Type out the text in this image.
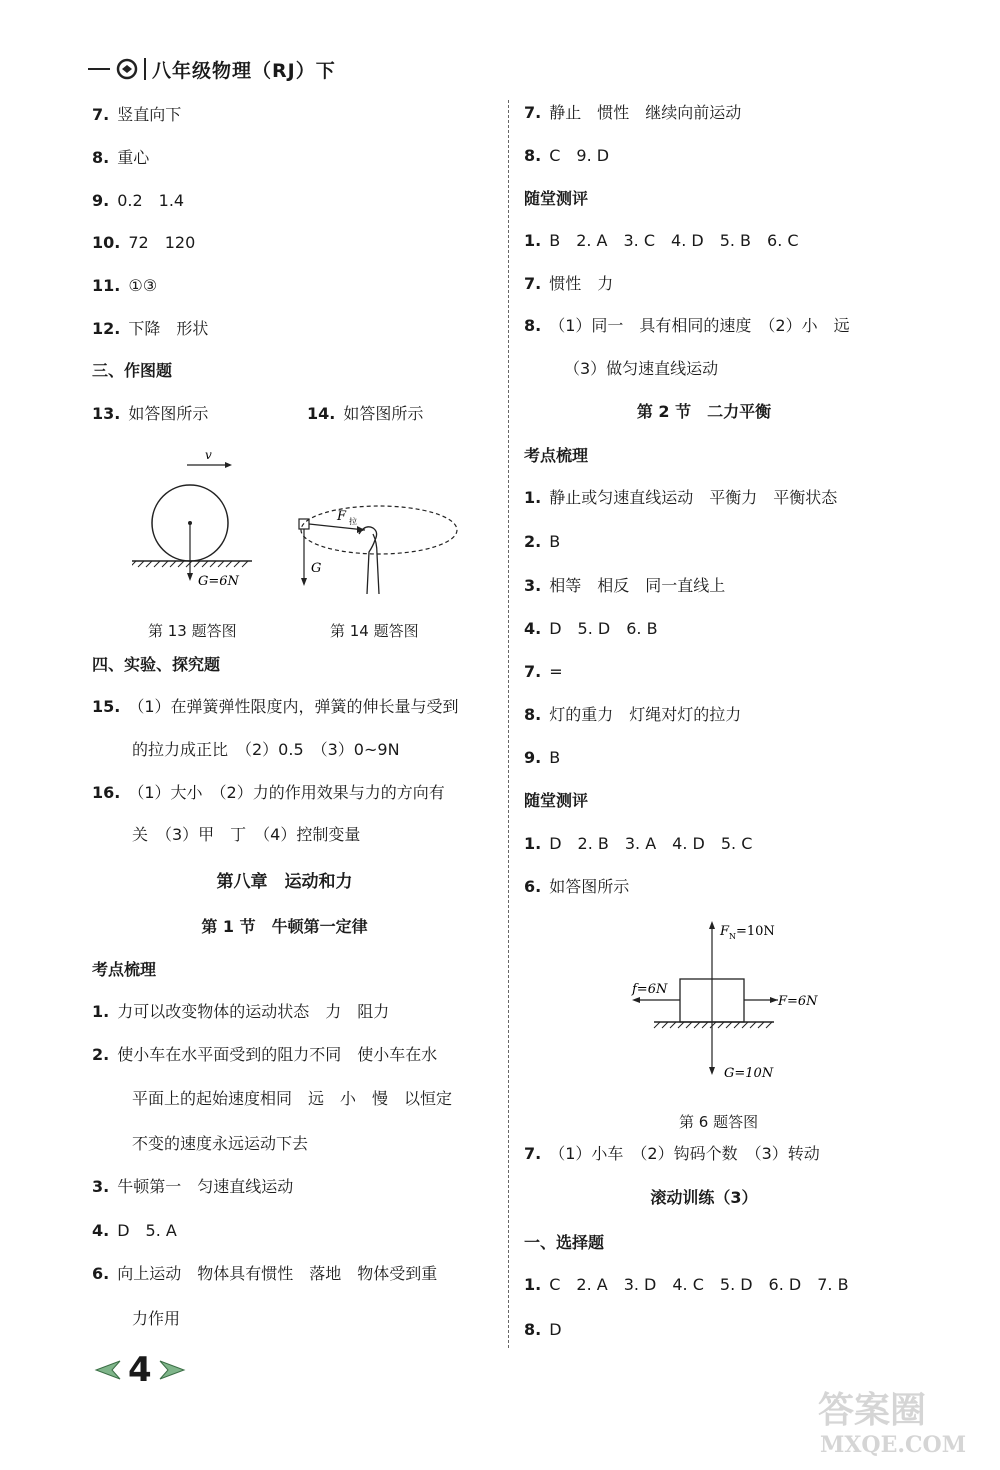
八年级物理（RJ）下
7. 竖直向下
8. 重心
9. 0.2　1.4
10. 72　120
11. ①③
12. 下降　形状
三、作图题
13. 如答图所示	14. 如答图所示
v
G=6N
第 13 题答图
F 拉
G
第 14 题答图
四、实验、探究题
15. （1）在弹簧弹性限度内，弹簧的伸长量与受到
的拉力成正比　（2）0.5　（3）0~9N
16. （1）大小　（2）力的作用效果与力的方向有
关　（3）甲　丁　（4）控制变量
第八章　运动和力
第 1 节　牛顿第一定律
考点梳理
1. 力可以改变物体的运动状态　力　阻力
2. 使小车在水平面受到的阻力不同　使小车在水
平面上的起始速度相同　远　小　慢　以恒定
不变的速度永远运动下去
3. 牛顿第一　匀速直线运动
4. D　5. A
6. 向上运动　物体具有惯性　落地　物体受到重
力作用
7. 静止　惯性　继续向前运动
8. C　9. D
随堂测评
1. B　2. A　3. C　4. D　5. B　6. C
7. 惯性　力
8. （1）同一　具有相同的速度　（2）小　远
（3）做匀速直线运动
第 2 节　二力平衡
考点梳理
1. 静止或匀速直线运动　平衡力　平衡状态
2. B
3. 相等　相反　同一直线上
4. D　5. D　6. B
7. =
8. 灯的重力　灯绳对灯的拉力
9. B
随堂测评
1. D　2. B　3. A　4. D　5. C
6. 如答图所示
F N =10N
f=6N
F=6N
G=10N
第 6 题答图
7. （1）小车　（2）钩码个数　（3）转动
滚动训练（3）
一、选择题
1. C　2. A　3. D　4. C　5. D　6. D　7. B
8. D
4
答案圈
MXQE.COM
